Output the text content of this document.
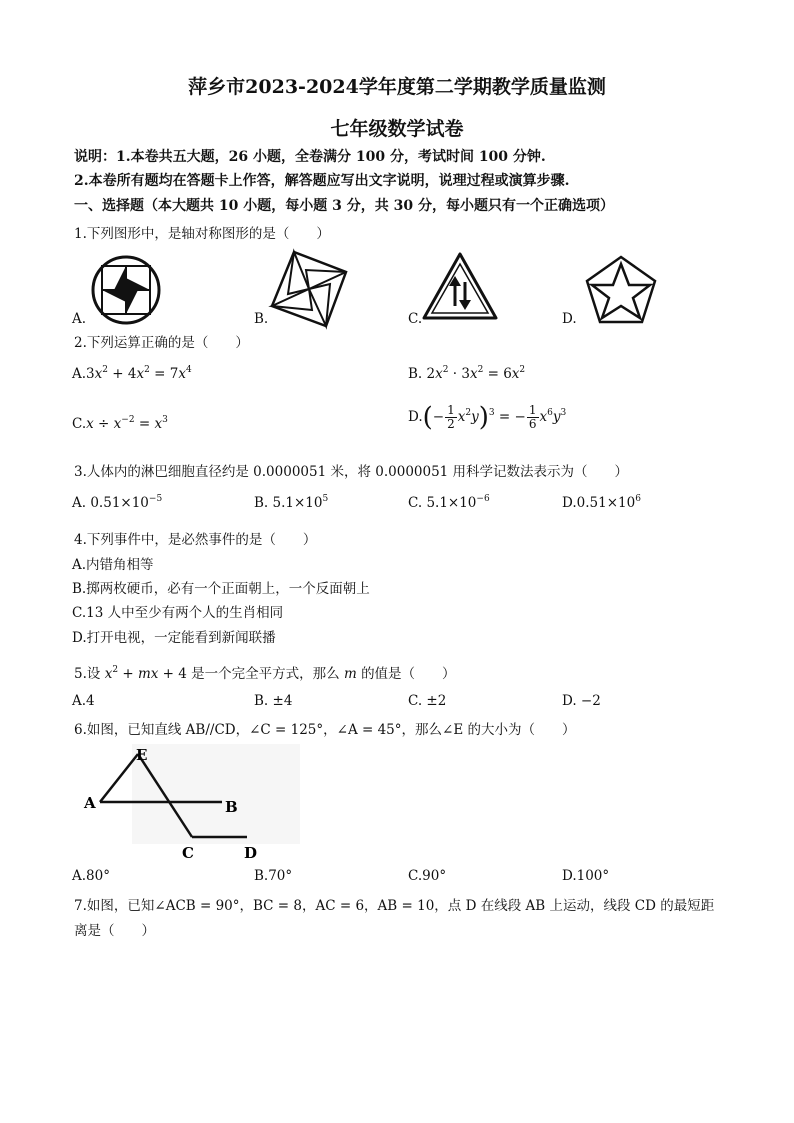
萍乡市2023-2024学年度第二学期教学质量监测
七年级数学试卷
说明：1.本卷共五大题，26 小题，全卷满分 100 分，考试时间 100 分钟.
2.本卷所有题均在答题卡上作答，解答题应写出文字说明，说理过程或演算步骤.
一、选择题（本大题共 10 小题，每小题 3 分，共 30 分，每小题只有一个正确选项）
1.下列图形中，是轴对称图形的是（　　）
A.	B.	C.	D.
2.下列运算正确的是（　　）
$A.3x^2 + 4x^2 = 7x^4$	B. $2x^2 \cdot 3x^2 = 6x^2$
$C.x \div x^{-2} = x^3$	$D.(- \frac{1}{2} x^2y)^3$ = − $\frac{1}{6} x^6y^3$
3.人体内的淋巴细胞直径约是 0.0000051 米，将 0.0000051 用科学记数法表示为（　　）
A. $0.51\times 10^{-5}$	B. $5.1\times 10^5$	C. $5.1\times 10^{-6}$	$D.0.51\times 10^6$
4.下列事件中，是必然事件的是（　　）
A.内错角相等
B.掷两枚硬币，必有一个正面朝上，一个反面朝上
C.13 人中至少有两个人的生肖相同
D.打开电视，一定能看到新闻联播
5.设 $x^2$ + mx + 4 是一个完全平方式，那么 m 的值是（　　）
A.4	B. ±4	C. ±2	D. −2
6.如图，已知直线 AB//CD，∠C = 125°，∠A = 45°，那么∠E 的大小为（　　）
E
A	B
C	D
A.80°	B.70°	C.90°	D.100°
7.如图，已知∠ACB = 90°，BC = 8，AC = 6，AB = 10，点 D 在线段 AB 上运动，线段 CD 的最短距
离是（　　）
